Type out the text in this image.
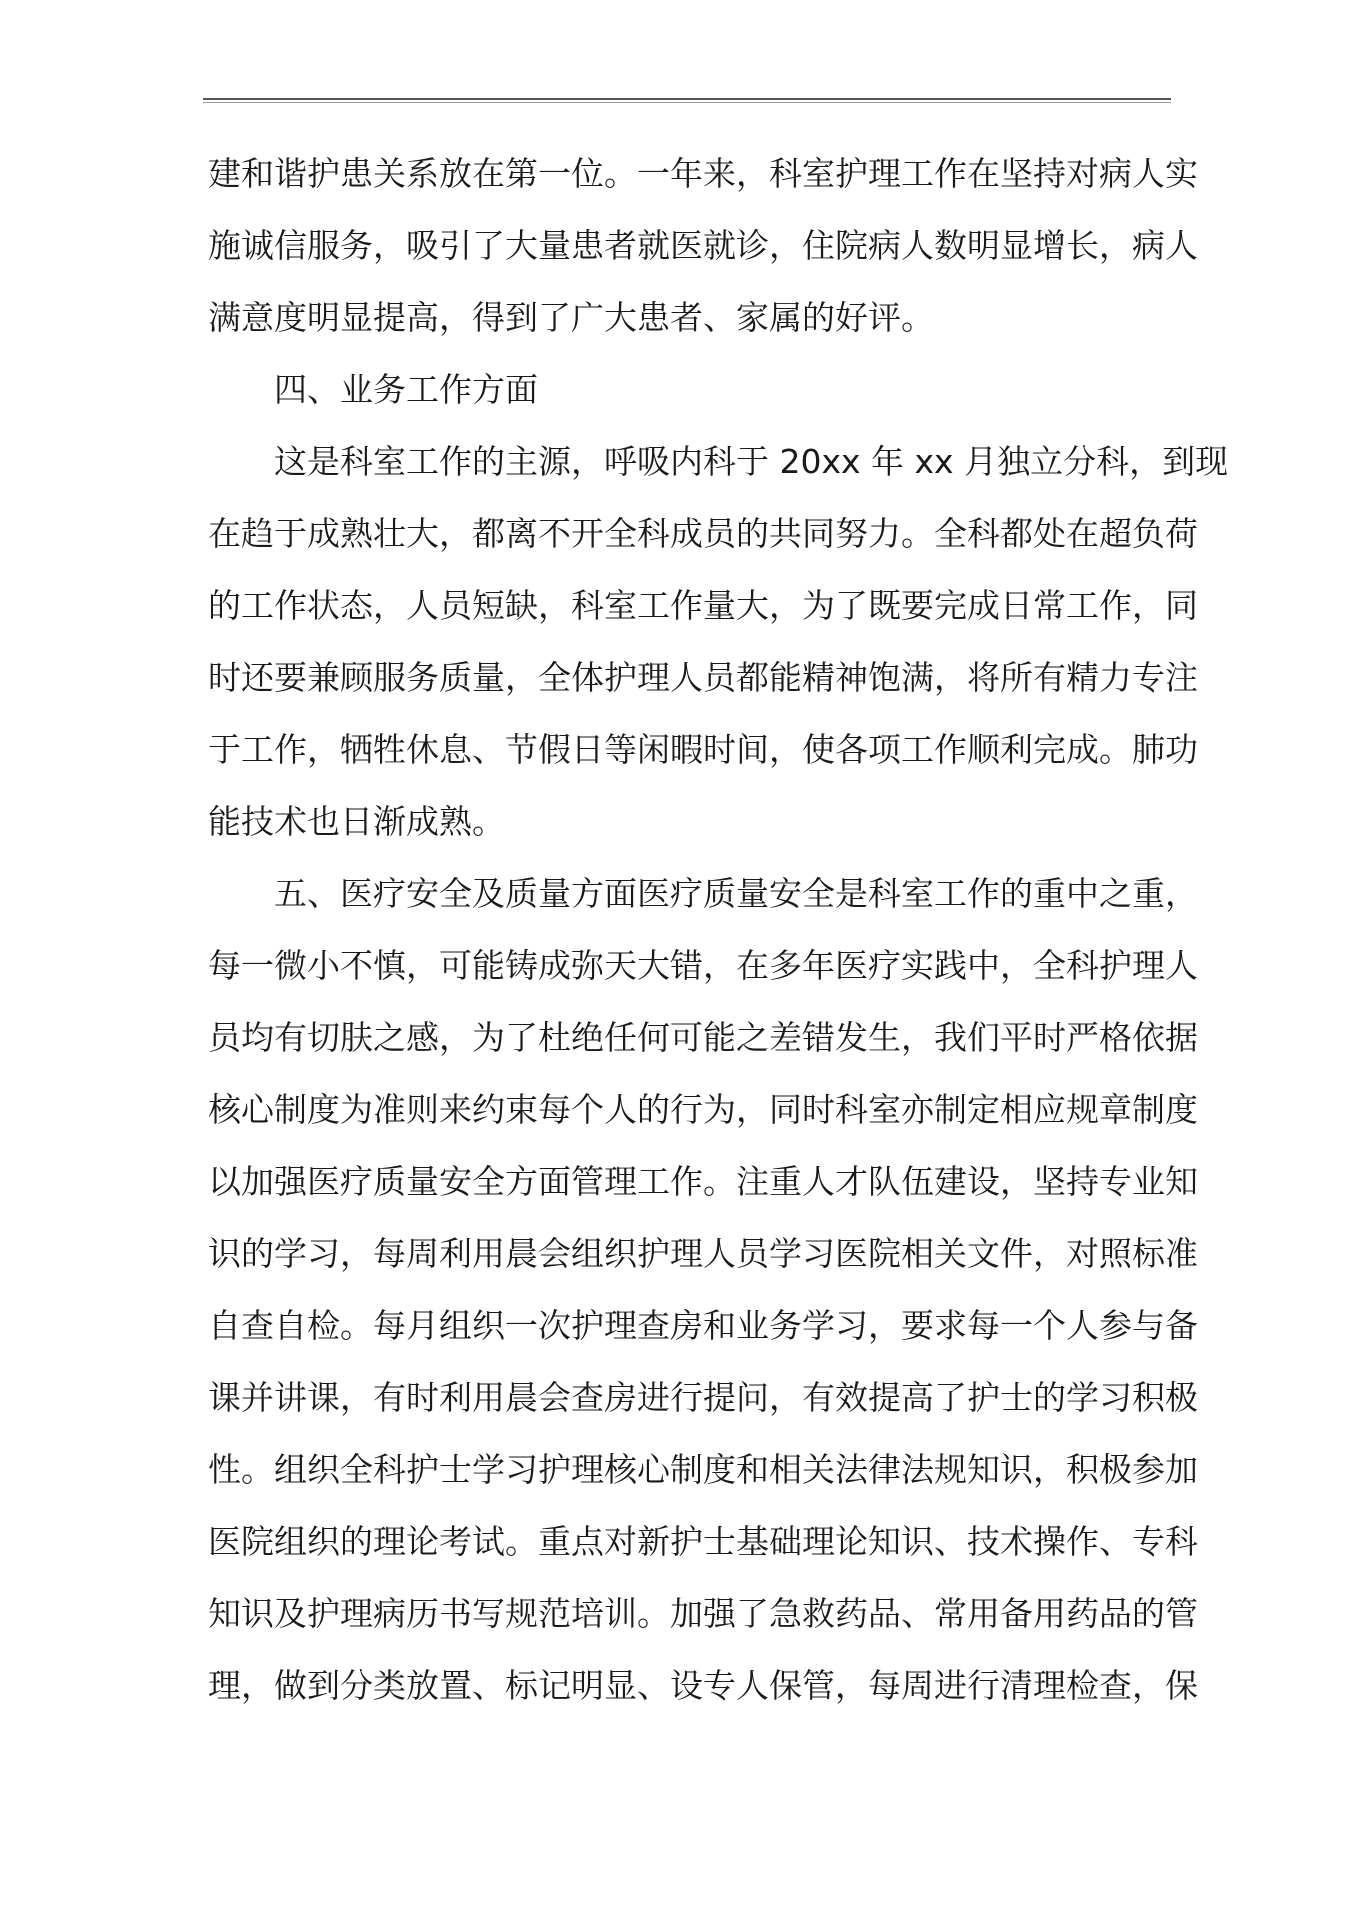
建和谐护患关系放在第一位。一年来，科室护理工作在坚持对病人实
施诚信服务，吸引了大量患者就医就诊，住院病人数明显增长，病人
满意度明显提高，得到了广大患者、家属的好评。
四、业务工作方面
这是科室工作的主源，呼吸内科于 20xx 年 xx 月独立分科，到现
在趋于成熟壮大，都离不开全科成员的共同努力。全科都处在超负荷
的工作状态，人员短缺，科室工作量大，为了既要完成日常工作，同
时还要兼顾服务质量，全体护理人员都能精神饱满，将所有精力专注
于工作，牺牲休息、节假日等闲暇时间，使各项工作顺利完成。肺功
能技术也日渐成熟。
五、医疗安全及质量方面医疗质量安全是科室工作的重中之重，
每一微小不慎，可能铸成弥天大错，在多年医疗实践中，全科护理人
员均有切肤之感，为了杜绝任何可能之差错发生，我们平时严格依据
核心制度为准则来约束每个人的行为，同时科室亦制定相应规章制度
以加强医疗质量安全方面管理工作。注重人才队伍建设，坚持专业知
识的学习，每周利用晨会组织护理人员学习医院相关文件，对照标准
自查自检。每月组织一次护理查房和业务学习，要求每一个人参与备
课并讲课，有时利用晨会查房进行提问，有效提高了护士的学习积极
性。组织全科护士学习护理核心制度和相关法律法规知识，积极参加
医院组织的理论考试。重点对新护士基础理论知识、技术操作、专科
知识及护理病历书写规范培训。加强了急救药品、常用备用药品的管
理，做到分类放置、标记明显、设专人保管，每周进行清理检查，保
